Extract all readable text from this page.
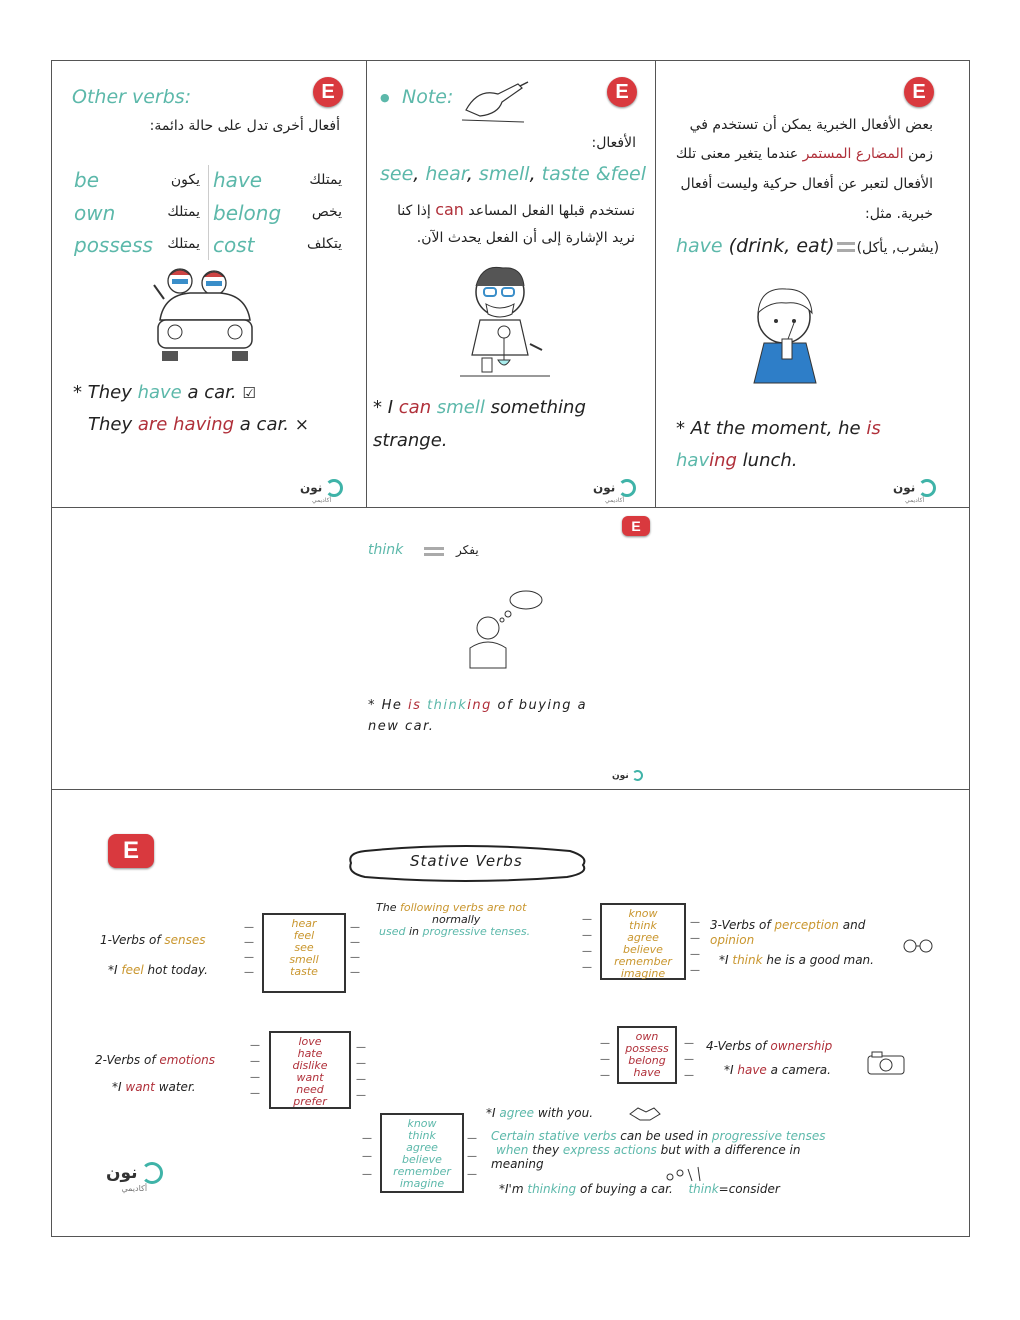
Other verbs:	E
أفعال أخرى تدل على حالة دائمة:
be	يكون have	يمتلك
own	يمتلك belong يخص
possess يمتلك cost	يتكلف
* They have a car. ☑
They are having a car. ×
نون
أكاديمي
● Note:	E
الأفعال:
see, hear, smell, taste &feel
نستخدم قبلها الفعل المساعد can إذا كنا
نريد الإشارة إلى أن الفعل يحدث الآن.
* I can smell something
strange.
نون
أكاديمي
E
بعض الأفعال الخبرية يمكن أن تستخدم في
زمن المضارع المستمر عندما يتغير معنى تلك
الأفعال لتعبر عن أفعال حركية وليست أفعال
خبرية. مثل:
have (drink, eat) (يشرب, يأكل)
* At the moment, he is
having lunch.
نون
أكاديمي
E
think	يفكر
* He is thinking of buying a
new car.
نون
E	Stative Verbs
The following verbs are not
normally
used in progressive tenses.
1-Verbs of senses
*I feel hot today.
—
—
—
—
—
—
—
—
hear
feel
see
smell
taste
2-Verbs of emotions
*I want water.
—
—
—
—
—
—
—
—
love
hate
dislike
want
need
prefer
—
—
—
—
—
—
—
—
know
think
agree
believe
remember
imagine
3-Verbs of perception and
opinion
*I think he is a good man.
—
—
—
—
—
—
own
possess
belong
have
4-Verbs of ownership
*I have a camera.
—
—
—
—
—
—
know
think
agree
believe
remember
imagine
*I agree with you.
Certain stative verbs can be used in progressive tenses
when they express actions but with a difference in
meaning
*I'm thinking of buying a car. think=consider
نون
أكاديمي
